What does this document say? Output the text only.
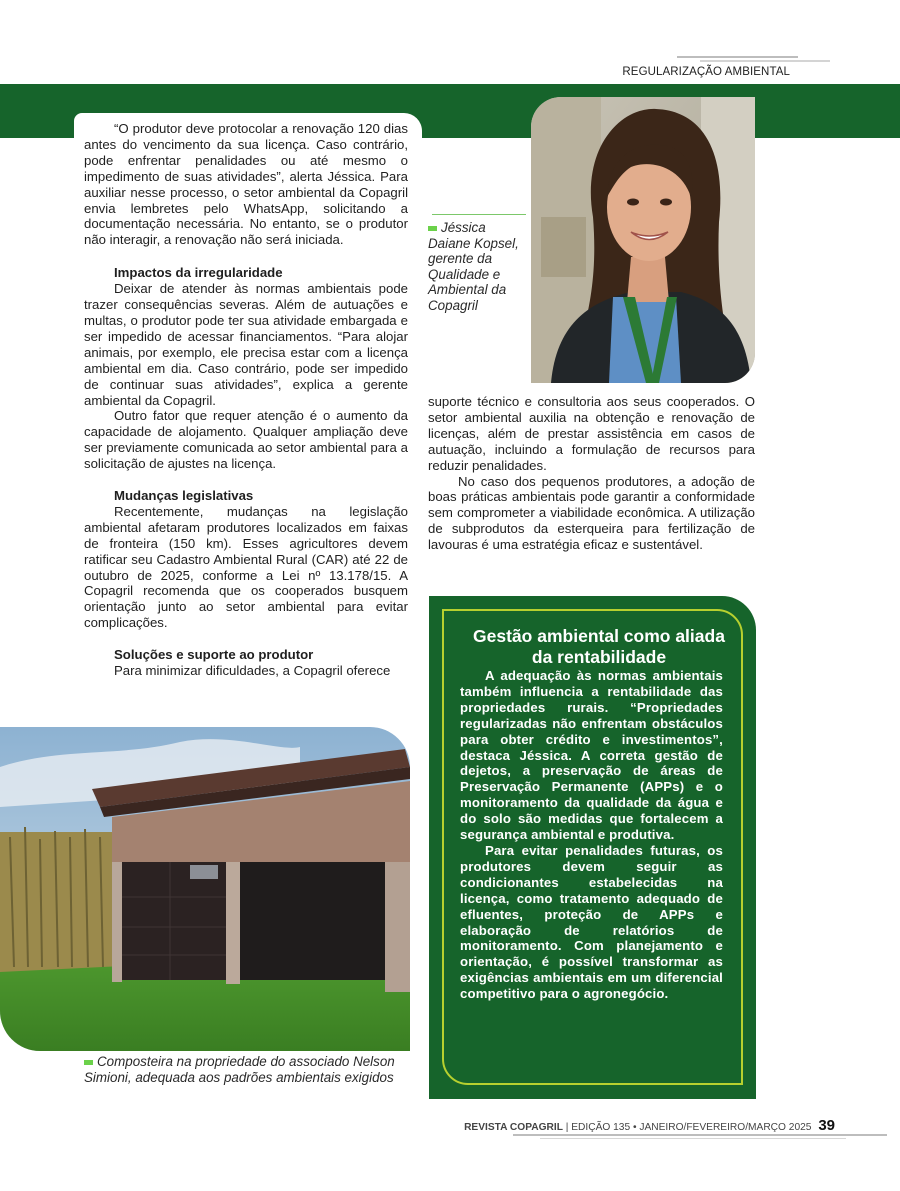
REGULARIZAÇÃO AMBIENTAL

“O produtor deve protocolar a renovação 120 dias antes do vencimento da sua licença. Caso contrário, pode enfrentar penalidades ou até mesmo o impedimento de suas atividades”, alerta Jéssica. Para auxiliar nesse processo, o setor ambiental da Copagril envia lembretes pelo WhatsApp, solicitando a documentação necessária. No entanto, se o produtor não interagir, a renovação não será iniciada.

Impactos da irregularidade

Deixar de atender às normas ambientais pode trazer consequências severas. Além de autuações e multas, o produtor pode ter sua atividade embargada e ser impedido de acessar financiamentos. “Para alojar animais, por exemplo, ele precisa estar com a licença ambiental em dia. Caso contrário, pode ser impedido de continuar suas atividades”, explica a gerente ambiental da Copagril.

Outro fator que requer atenção é o aumento da capacidade de alojamento. Qualquer ampliação deve ser previamente comunicada ao setor ambiental para a solicitação de ajustes na licença.

Mudanças legislativas

Recentemente, mudanças na legislação ambiental afetaram produtores localizados em faixas de fronteira (150 km). Esses agricultores devem ratificar seu Cadastro Ambiental Rural (CAR) até 22 de outubro de 2025, conforme a Lei nº 13.178/15. A Copagril recomenda que os cooperados busquem orientação junto ao setor ambiental para evitar complicações.

Soluções e suporte ao produtor

Para minimizar dificuldades, a Copagril oferece

Jéssica Daiane Kopsel, gerente da Qualidade e Ambiental da Copagril

suporte técnico e consultoria aos seus cooperados. O setor ambiental auxilia na obtenção e renovação de licenças, além de prestar assistência em casos de autuação, incluindo a formulação de recursos para reduzir penalidades.

No caso dos pequenos produtores, a adoção de boas práticas ambientais pode garantir a conformidade sem comprometer a viabilidade econômica. A utilização de subprodutos da esterqueira para fertilização de lavouras é uma estratégia eficaz e sustentável.

Composteira na propriedade do associado Nelson Simioni, adequada aos padrões ambientais exigidos
Gestão ambiental como aliada da rentabilidade

A adequação às normas ambientais também influencia a rentabilidade das propriedades rurais. “Propriedades regularizadas não enfrentam obstáculos para obter crédito e investimentos”, destaca Jéssica. A correta gestão de dejetos, a preservação de áreas de Preservação Permanente (APPs) e o monitoramento da qualidade da água e do solo são medidas que fortalecem a segurança ambiental e produtiva.

Para evitar penalidades futuras, os produtores devem seguir as condicionantes estabelecidas na licença, como tratamento adequado de efluentes, proteção de APPs e elaboração de relatórios de monitoramento. Com planejamento e orientação, é possível transformar as exigências ambientais em um diferencial competitivo para o agronegócio.

REVISTA COPAGRIL | EDIÇÃO 135 • JANEIRO/FEVEREIRO/MARÇO 2025 39
